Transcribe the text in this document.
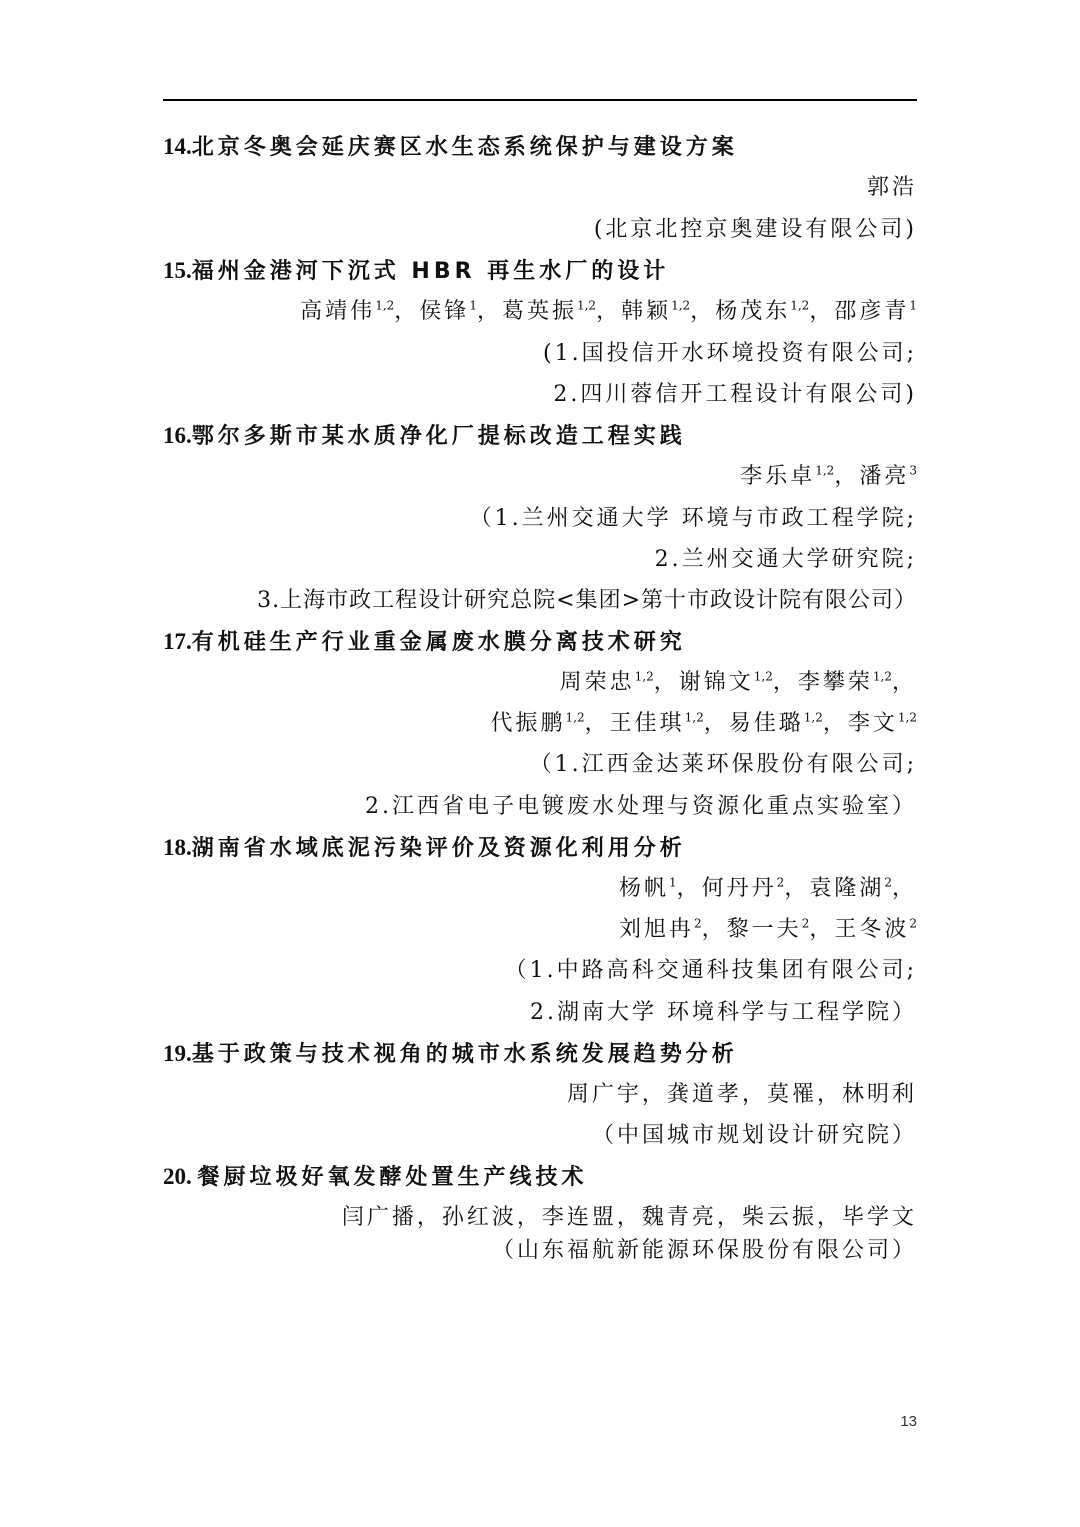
14.北京冬奥会延庆赛区水生态系统保护与建设方案
郭浩
(北京北控京奥建设有限公司)
15.福州金港河下沉式 HBR 再生水厂的设计
高靖伟$^{1,2}$，侯锋$^1$，葛英振$^{1,2}$，韩颖$^{1,2}$，杨茂东$^{1,2}$，邵彦青$^1$
(1.国投信开水环境投资有限公司;
2.四川蓉信开工程设计有限公司)
16.鄂尔多斯市某水质净化厂提标改造工程实践
李乐卓$^{1,2}$，潘亮$^3$
（1.兰州交通大学 环境与市政工程学院;
2.兰州交通大学研究院;
3.上海市政工程设计研究总院<集团>第十市政设计院有限公司）
17.有机硅生产行业重金属废水膜分离技术研究
周荣忠$^{1,2}$，谢锦文$^{1,2}$，李攀荣$^{1,2}$，
代振鹏$^{1,2}$，王佳琪$^{1,2}$，易佳璐$^{1,2}$，李文$^{1,2}$
（1.江西金达莱环保股份有限公司;
2.江西省电子电镀废水处理与资源化重点实验室）
18.湖南省水域底泥污染评价及资源化利用分析
杨帆$^1$，何丹丹$^2$，袁隆湖$^2$，
刘旭冉$^2$，黎一夫$^2$，王冬波$^2$
（1.中路高科交通科技集团有限公司;
2.湖南大学 环境科学与工程学院）
19.基于政策与技术视角的城市水系统发展趋势分析
周广宇，龚道孝，莫罹，林明利
（中国城市规划设计研究院）
20. 餐厨垃圾好氧发酵处置生产线技术
闫广播，孙红波，李连盟，魏青亮，柴云振，毕学文
（山东福航新能源环保股份有限公司）
13
